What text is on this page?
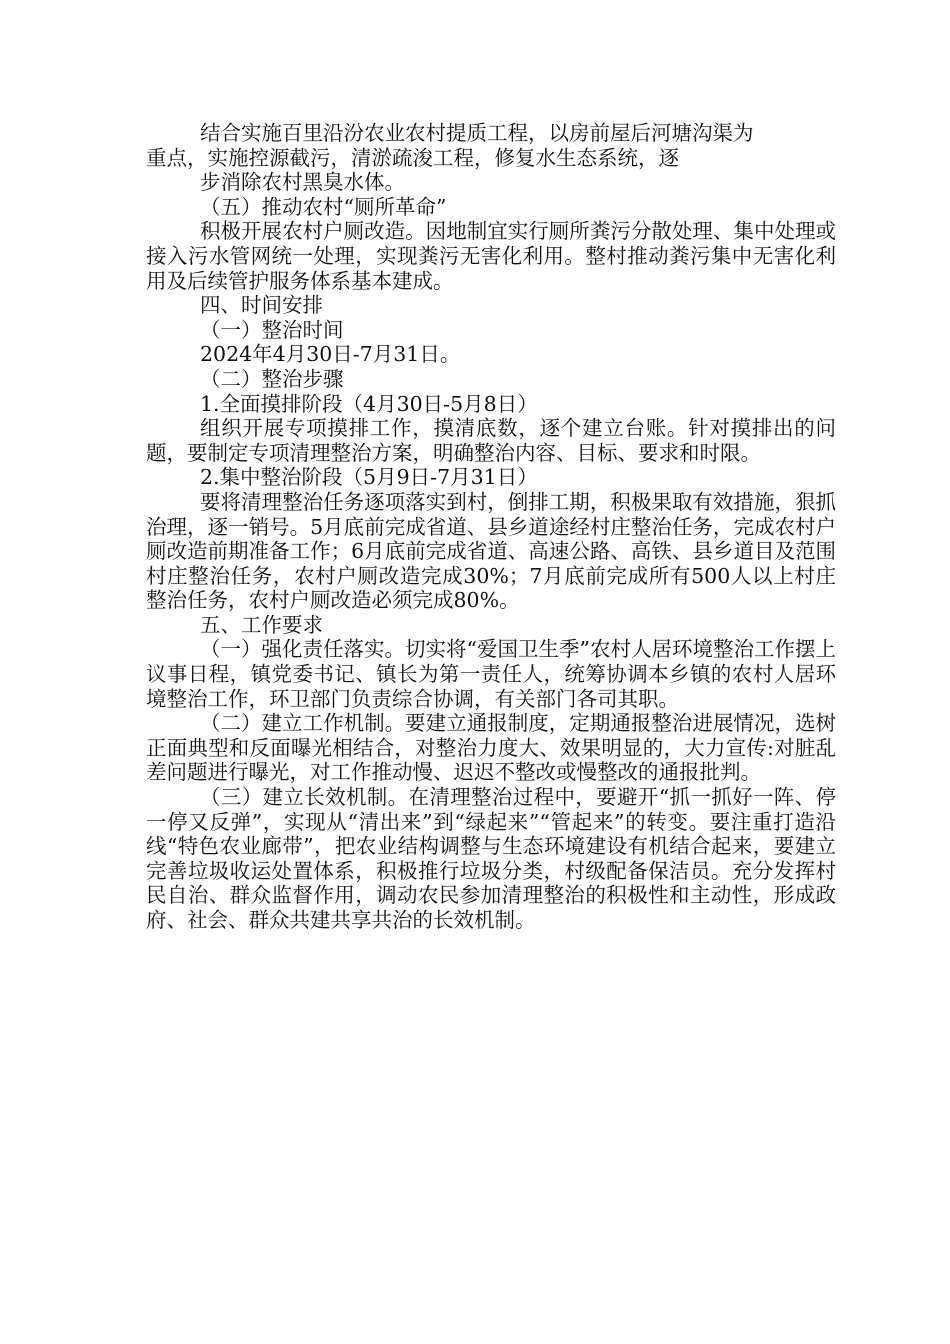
结合实施百里沿汾农业农村提质工程，以房前屋后河塘沟渠为
重点，实施控源截污，清淤疏浚工程，修复水生态系统，逐
步消除农村黑臭水体。

（五）推动农村“厕所革命”

积极开展农村户厕改造。因地制宜实行厕所粪污分散处理、集中处理或接入污水管网统一处理，实现粪污无害化利用。整村推动粪污集中无害化利用及后续管护服务体系基本建成。

四、时间安排

（一）整治时间

2024年4月30日-7月31日。

（二）整治步骤

1.全面摸排阶段（4月30日-5月8日）

组织开展专项摸排工作，摸清底数，逐个建立台账。针对摸排出的问题，要制定专项清理整治方案，明确整治内容、目标、要求和时限。

2.集中整治阶段（5月9日-7月31日）

要将清理整治任务逐项落实到村，倒排工期，积极果取有效措施，狠抓治理，逐一销号。5月底前完成省道、县乡道途经村庄整治任务，完成农村户厕改造前期准备工作；6月底前完成省道、高速公路、高铁、县乡道目及范围村庄整治任务，农村户厕改造完成30%；7月底前完成所有500人以上村庄整治任务，农村户厕改造必须完成80%。

五、工作要求

（一）强化责任落实。切实将“爱国卫生季”农村人居环境整治工作摆上议事日程，镇党委书记、镇长为第一责任人，统筹协调本乡镇的农村人居环境整治工作，环卫部门负责综合协调，有关部门各司其职。

（二）建立工作机制。要建立通报制度，定期通报整治进展情况，选树正面典型和反面曝光相结合，对整治力度大、效果明显的，大力宣传:对脏乱差问题进行曝光，对工作推动慢、迟迟不整改或慢整改的通报批判。

（三）建立长效机制。在清理整治过程中，要避开“抓一抓好一阵、停一停又反弹”，实现从“清出来”到“绿起来”“管起来”的转变。要注重打造沿线“特色农业廊带”，把农业结构调整与生态环境建设有机结合起来，要建立完善垃圾收运处置体系，积极推行垃圾分类，村级配备保洁员。充分发挥村民自治、群众监督作用，调动农民参加清理整治的积极性和主动性，形成政府、社会、群众共建共享共治的长效机制。
